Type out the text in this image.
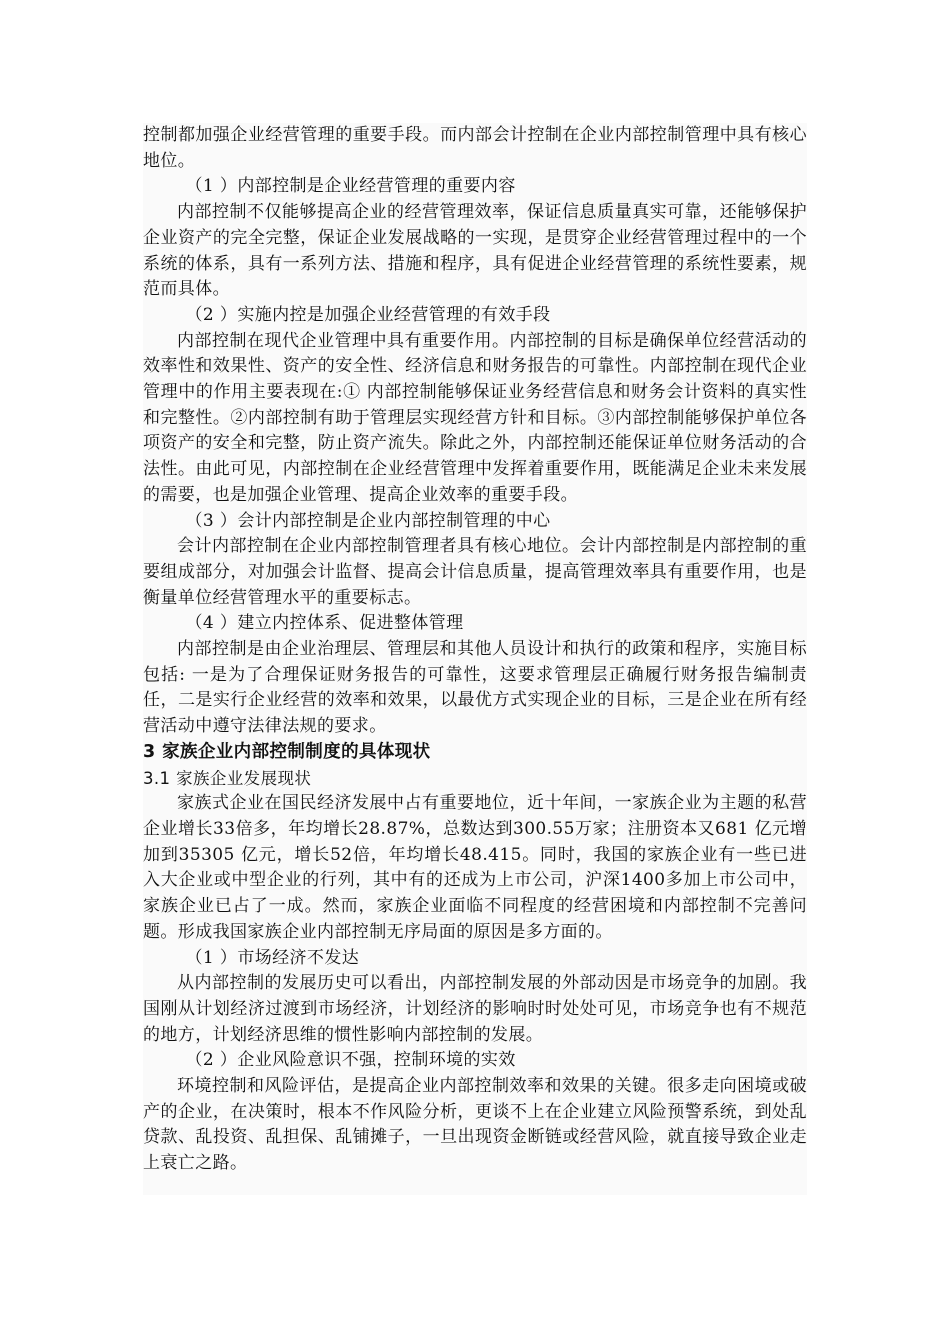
控制都加强企业经营管理的重要手段。而内部会计控制在企业内部控制管理中具有核心地位。

（1 ）内部控制是企业经营管理的重要内容

内部控制不仅能够提高企业的经营管理效率，保证信息质量真实可靠，还能够保护企业资产的完全完整，保证企业发展战略的一实现，是贯穿企业经营管理过程中的一个系统的体系，具有一系列方法、措施和程序，具有促进企业经营管理的系统性要素，规范而具体。

（2 ）实施内控是加强企业经营管理的有效手段

内部控制在现代企业管理中具有重要作用。内部控制的目标是确保单位经营活动的效率性和效果性、资产的安全性、经济信息和财务报告的可靠性。内部控制在现代企业管理中的作用主要表现在:① 内部控制能够保证业务经营信息和财务会计资料的真实性和完整性。②内部控制有助于管理层实现经营方针和目标。③内部控制能够保护单位各项资产的安全和完整，防止资产流失。除此之外，内部控制还能保证单位财务活动的合法性。由此可见，内部控制在企业经营管理中发挥着重要作用，既能满足企业未来发展的需要，也是加强企业管理、提高企业效率的重要手段。

（3 ）会计内部控制是企业内部控制管理的中心

会计内部控制在企业内部控制管理者具有核心地位。会计内部控制是内部控制的重要组成部分，对加强会计监督、提高会计信息质量，提高管理效率具有重要作用，也是衡量单位经营管理水平的重要标志。

（4 ）建立内控体系、促进整体管理

内部控制是由企业治理层、管理层和其他人员设计和执行的政策和程序，实施目标包括: 一是为了合理保证财务报告的可靠性，这要求管理层正确履行财务报告编制责任，二是实行企业经营的效率和效果，以最优方式实现企业的目标，三是企业在所有经营活动中遵守法律法规的要求。

3 家族企业内部控制制度的具体现状

3.1 家族企业发展现状

家族式企业在国民经济发展中占有重要地位，近十年间，一家族企业为主题的私营企业增长33倍多，年均增长28.87%，总数达到300.55万家；注册资本又681 亿元增加到35305 亿元，增长52倍，年均增长48.415。同时，我国的家族企业有一些已进入大企业或中型企业的行列，其中有的还成为上市公司，沪深1400多加上市公司中，家族企业已占了一成。然而，家族企业面临不同程度的经营困境和内部控制不完善问题。形成我国家族企业内部控制无序局面的原因是多方面的。

（1 ）市场经济不发达

从内部控制的发展历史可以看出，内部控制发展的外部动因是市场竞争的加剧。我国刚从计划经济过渡到市场经济，计划经济的影响时时处处可见，市场竞争也有不规范的地方，计划经济思维的惯性影响内部控制的发展。

（2 ）企业风险意识不强，控制环境的实效

环境控制和风险评估，是提高企业内部控制效率和效果的关键。很多走向困境或破产的企业，在决策时，根本不作风险分析，更谈不上在企业建立风险预警系统，到处乱贷款、乱投资、乱担保、乱铺摊子，一旦出现资金断链或经营风险，就直接导致企业走上衰亡之路。
